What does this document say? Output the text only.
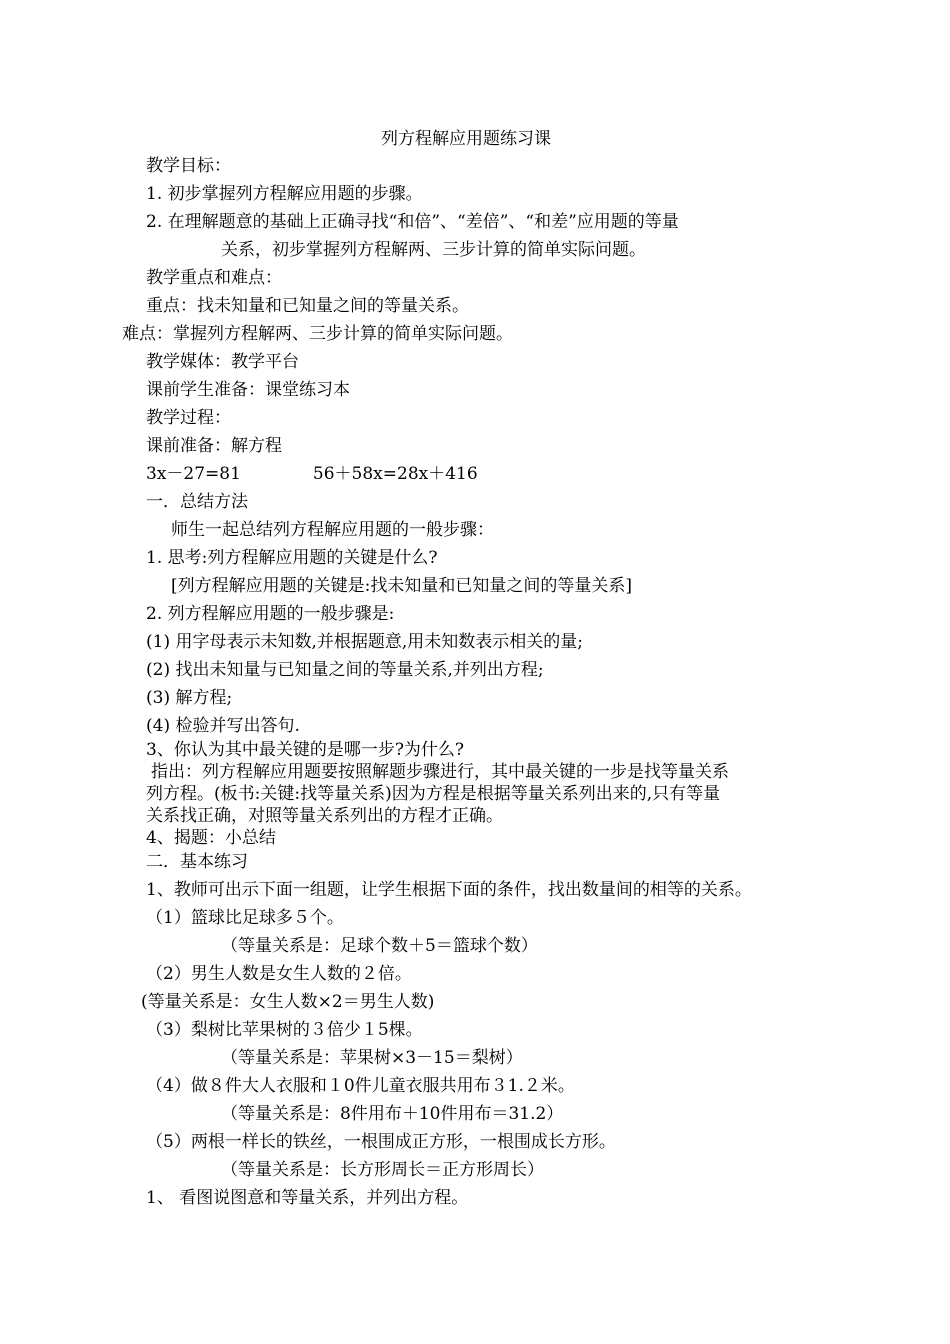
列方程解应用题练习课
教学目标：
1. 初步掌握列方程解应用题的步骤。
2. 在理解题意的基础上正确寻找“和倍”、“差倍”、“和差”应用题的等量
关系，初步掌握列方程解两、三步计算的简单实际问题。
教学重点和难点：
重点：找未知量和已知量之间的等量关系。
难点：掌握列方程解两、三步计算的简单实际问题。
教学媒体：教学平台
课前学生准备：课堂练习本
教学过程：
课前准备：解方程
3x－27=81	56＋58x=28x＋416
一．总结方法
师生一起总结列方程解应用题的一般步骤：
1. 思考:列方程解应用题的关键是什么?
[列方程解应用题的关键是:找未知量和已知量之间的等量关系]
2. 列方程解应用题的一般步骤是:
(1) 用字母表示未知数,并根据题意,用未知数表示相关的量;
(2) 找出未知量与已知量之间的等量关系,并列出方程;
(3) 解方程;
(4) 检验并写出答句.
3、你认为其中最关键的是哪一步?为什么?
指出：列方程解应用题要按照解题步骤进行，其中最关键的一步是找等量关系
列方程。(板书:关键:找等量关系)因为方程是根据等量关系列出来的,只有等量
关系找正确，对照等量关系列出的方程才正确。
4、揭题：小总结
二．基本练习
1、教师可出示下面一组题，让学生根据下面的条件，找出数量间的相等的关系。
（1）篮球比足球多５个。
（等量关系是：足球个数＋5＝篮球个数）
（2）男生人数是女生人数的２倍。
(等量关系是：女生人数×2＝男生人数)
（3）梨树比苹果树的３倍少１5棵。
（等量关系是：苹果树×3－15＝梨树）
（4）做８件大人衣服和１0件儿童衣服共用布３1.２米。
（等量关系是：8件用布＋10件用布＝31.2）
（5）两根一样长的铁丝，一根围成正方形，一根围成长方形。
（等量关系是：长方形周长＝正方形周长）
1、 看图说图意和等量关系，并列出方程。
